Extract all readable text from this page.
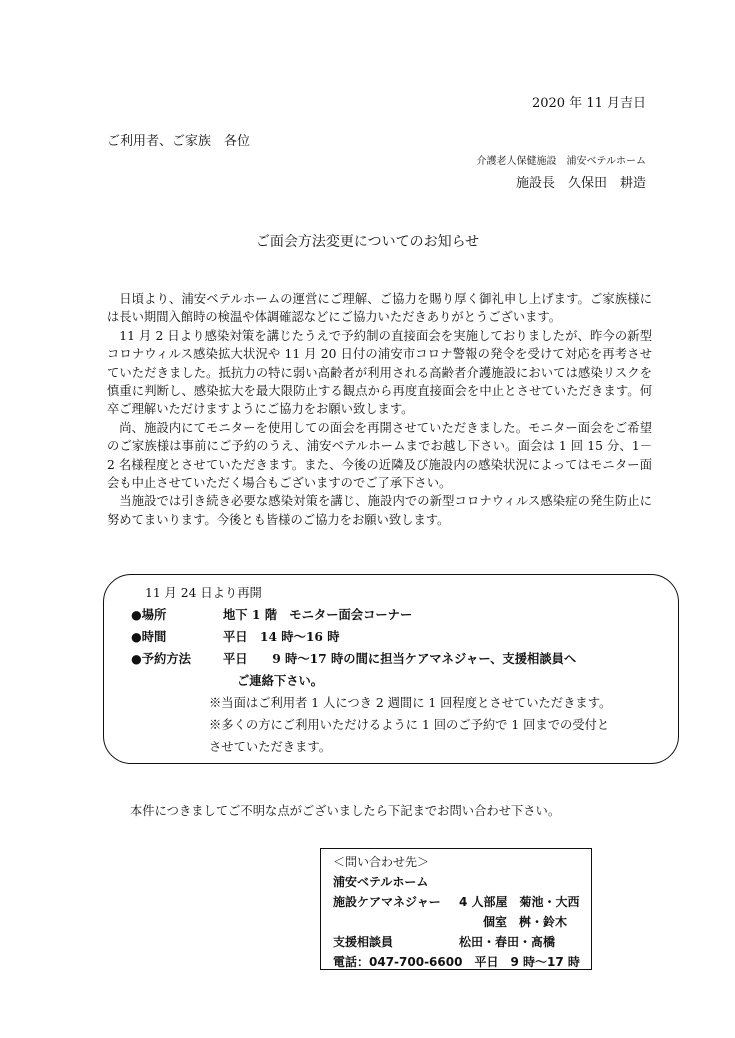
2020 年 11 月吉日
ご利用者、ご家族　各位
介護老人保健施設　浦安ベテルホーム
施設長　久保田　耕造
ご面会方法変更についてのお知らせ

日頃より、浦安ベテルホームの運営にご理解、ご協力を賜り厚く御礼申し上げます。ご家族様には長い期間入館時の検温や体調確認などにご協力いただきありがとうございます。

11 月 2 日より感染対策を講じたうえで予約制の直接面会を実施しておりましたが、昨今の新型コロナウィルス感染拡大状況や 11 月 20 日付の浦安市コロナ警報の発令を受けて対応を再考させていただきました。抵抗力の特に弱い高齢者が利用される高齢者介護施設においては感染リスクを慎重に判断し、感染拡大を最大限防止する観点から再度直接面会を中止とさせていただきます。何卒ご理解いただけますようにご協力をお願い致します。

尚、施設内にてモニターを使用しての面会を再開させていただきました。モニター面会をご希望のご家族様は事前にご予約のうえ、浦安ベテルホームまでお越し下さい。面会は 1 回 15 分、1－2 名様程度とさせていただきます。また、今後の近隣及び施設内の感染状況によってはモニター面会も中止させていただく場合もございますのでご了承下さい。

当施設では引き続き必要な感染対策を講じ、施設内での新型コロナウィルス感染症の発生防止に努めてまいります。今後とも皆様のご協力をお願い致します。

11 月 24 日より再開
●場所	地下 1 階　モニター面会コーナー
●時間	平日　14 時～16 時
●予約方法	平日　　9 時～17 時の間に担当ケアマネジャー、支援相談員へ
ご連絡下さい。
※当面はご利用者 1 人につき 2 週間に 1 回程度とさせていただきます。
※多くの方にご利用いただけるように 1 回のご予約で 1 回までの受付と
させていただきます。
本件につきましてご不明な点がございましたら下記までお問い合わせ下さい。
＜問い合わせ先＞
浦安ベテルホーム
施設ケアマネジャー 4 人部屋　菊池・大西
個室　桝・鈴木
支援相談員	松田・春田・髙橋
電話：047-700-6600　平日　9 時～17 時
